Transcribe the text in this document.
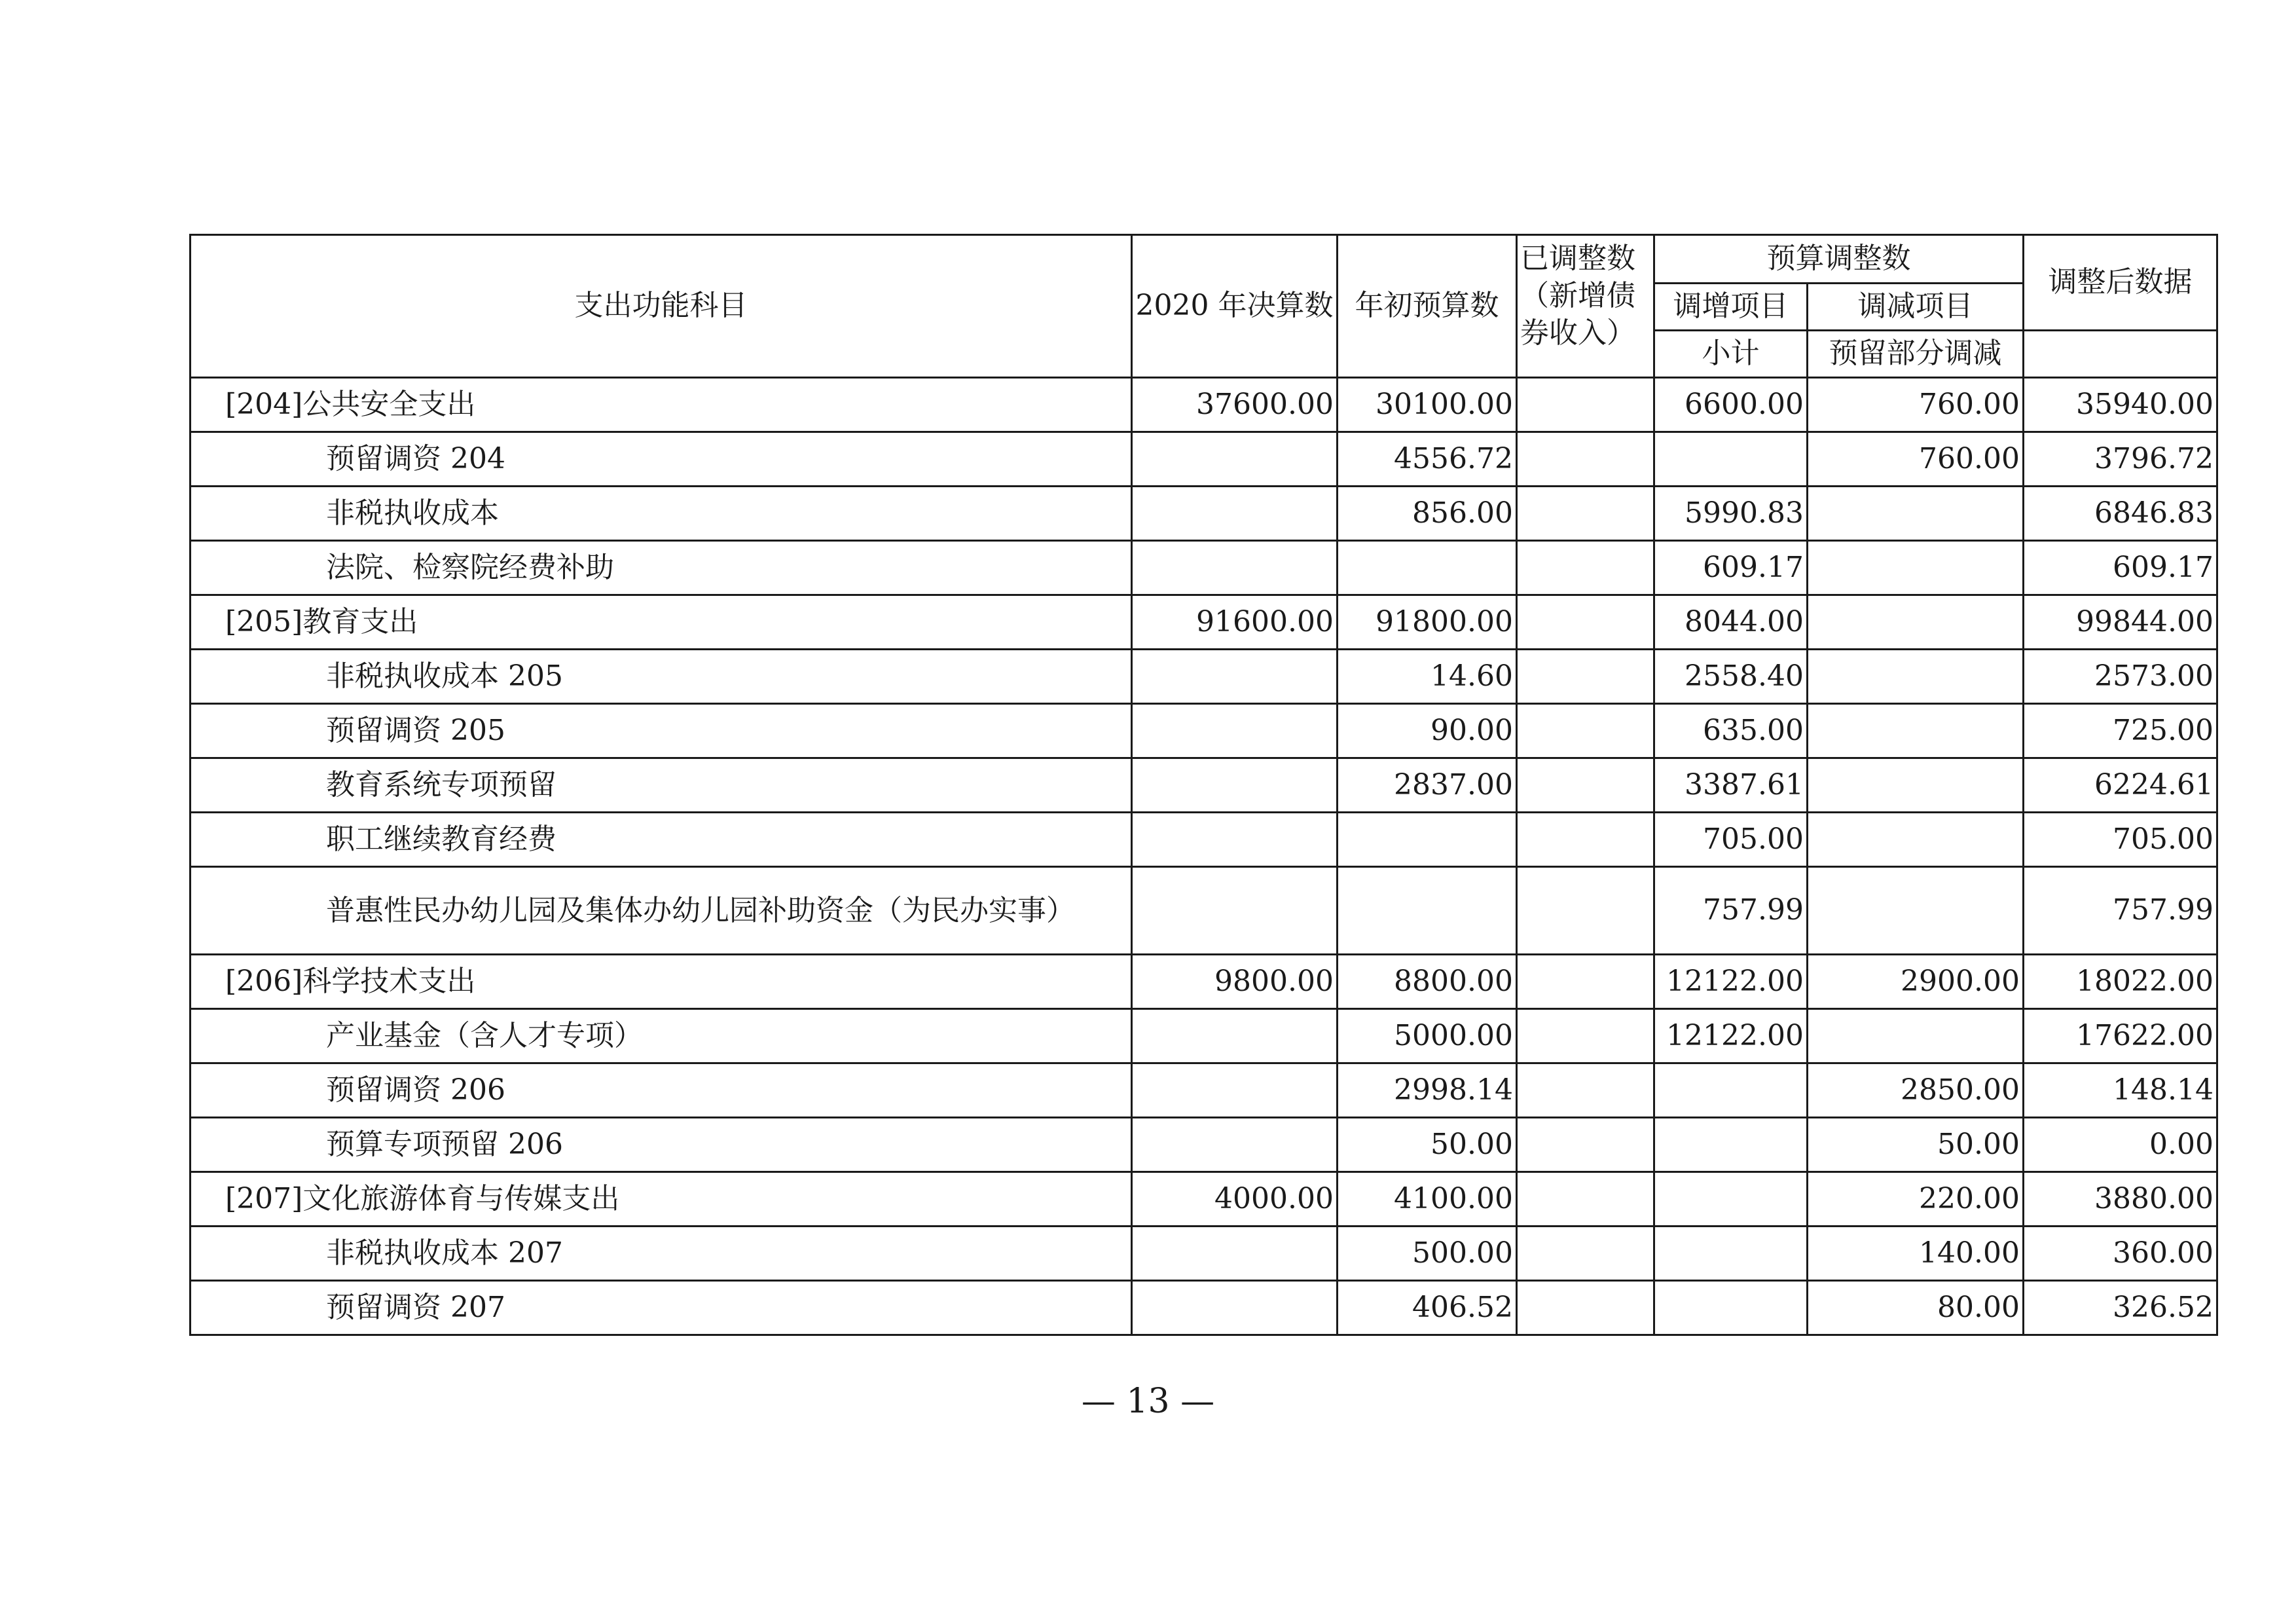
支出功能科目	2020 年决算数	年初预算数	已调整数（新增债券收入）	预算调整数		调整后数据
				调增项目	调减项目	
				小计	预留部分调减	
[204]公共安全支出	37600.00	30100.00		6600.00	760.00	35940.00
预留调资 204		4556.72			760.00	3796.72
非税执收成本		856.00		5990.83		6846.83
法院、检察院经费补助				609.17		609.17
[205]教育支出	91600.00	91800.00		8044.00		99844.00
非税执收成本 205		14.60		2558.40		2573.00
预留调资 205		90.00		635.00		725.00
教育系统专项预留		2837.00		3387.61		6224.61
职工继续教育经费				705.00		705.00
普惠性民办幼儿园及集体办幼儿园补助资金（为民办实事）				757.99		757.99
[206]科学技术支出	9800.00	8800.00		12122.00	2900.00	18022.00
产业基金（含人才专项）		5000.00		12122.00		17622.00
预留调资 206		2998.14			2850.00	148.14
预算专项预留 206		50.00			50.00	0.00
[207]文化旅游体育与传媒支出	4000.00	4100.00			220.00	3880.00
非税执收成本 207		500.00			140.00	360.00
预留调资 207		406.52			80.00	326.52
— 13 —
